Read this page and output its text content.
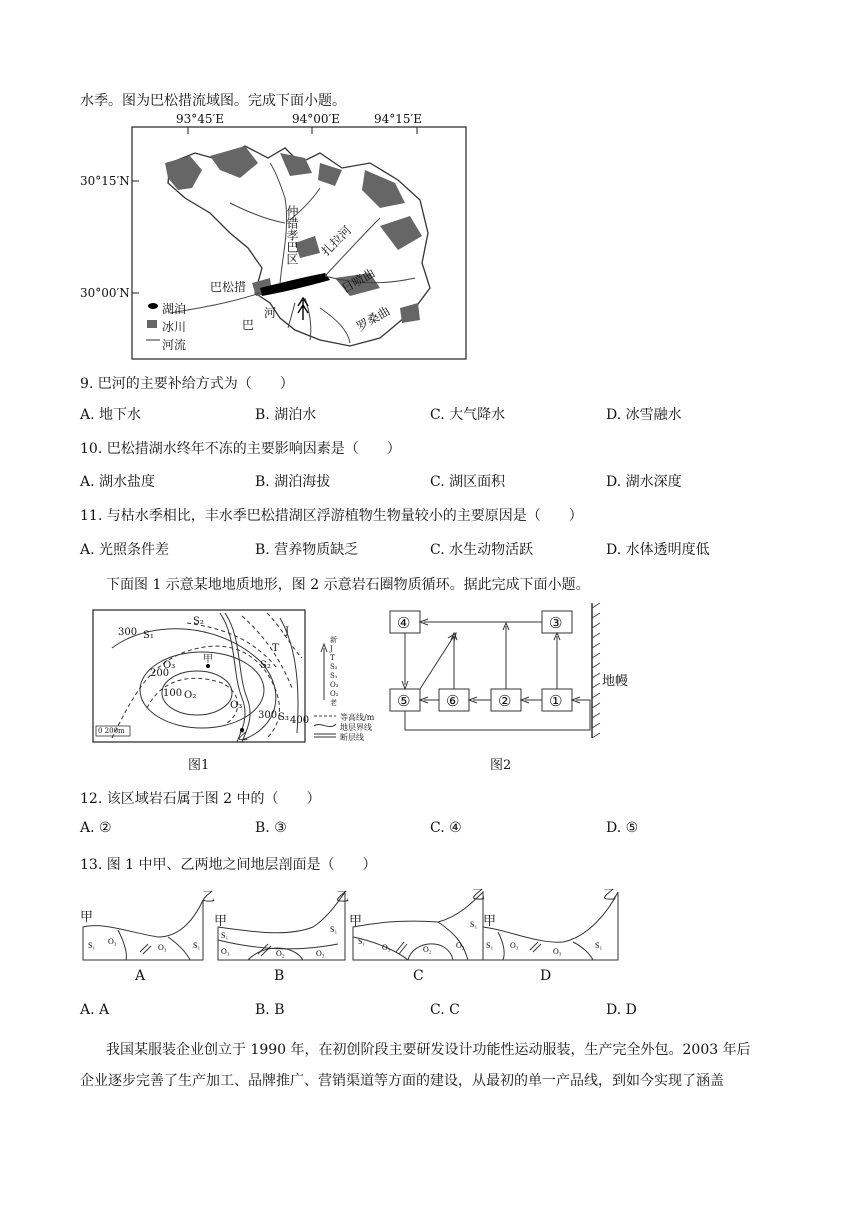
水季。图为巴松措流域图。完成下面小题。
93°45′E	94°00′E	94°15′E
30°15′N
30°00′N	巴松措
仲错孝巴区 扎拉河
日喷曲
罗桑曲
巴
河
湖泊
冰川
河流
9. 巴河的主要补给方式为（　　）
A. 地下水	B. 湖泊水	C. 大气降水	D. 冰雪融水
10. 巴松措湖水终年不冻的主要影响因素是（　　）
A. 湖水盐度	B. 湖泊海拔	C. 湖区面积	D. 湖水深度
11. 与枯水季相比，丰水季巴松措湖区浮游植物生物量较小的主要原因是（　　）
A. 光照条件差	B. 营养物质缺乏	C. 水生动物活跃	D. 水体透明度低
下面图 1 示意某地地质地形，图 2 示意岩石圈物质循环。据此完成下面小题。
300
200
100
300 400
S₁
S₂
J
T
O₃
O₂
S₂
O₃
S₃
甲
乙
新
J
T
S₂
S₁
O₃
O₂
老
等高线/m
地层界线
断层线
0 200m
图1
④	③
⑤ ⑥	②	①
地幔
图2
12. 该区域岩石属于图 2 中的（　　）
A. ②	B. ③	C. ④	D. ⑤
13. 图 1 中甲、乙两地之间地层剖面是（　　）
S₁ O₃
O₃	S₁
S₁
O₃	O₂	O₃
S₁
S₁
O₃	O₂	O₃
S₁
S₁ O₃
O₃
S₁
甲
乙
甲
乙
甲
乙
甲
乙
A	B	C	D
A. A	B. B	C. C	D. D
我国某服装企业创立于 1990 年，在初创阶段主要研发设计功能性运动服装，生产完全外包。2003 年后
企业逐步完善了生产加工、品牌推广、营销渠道等方面的建设，从最初的单一产品线，到如今实现了涵盖
